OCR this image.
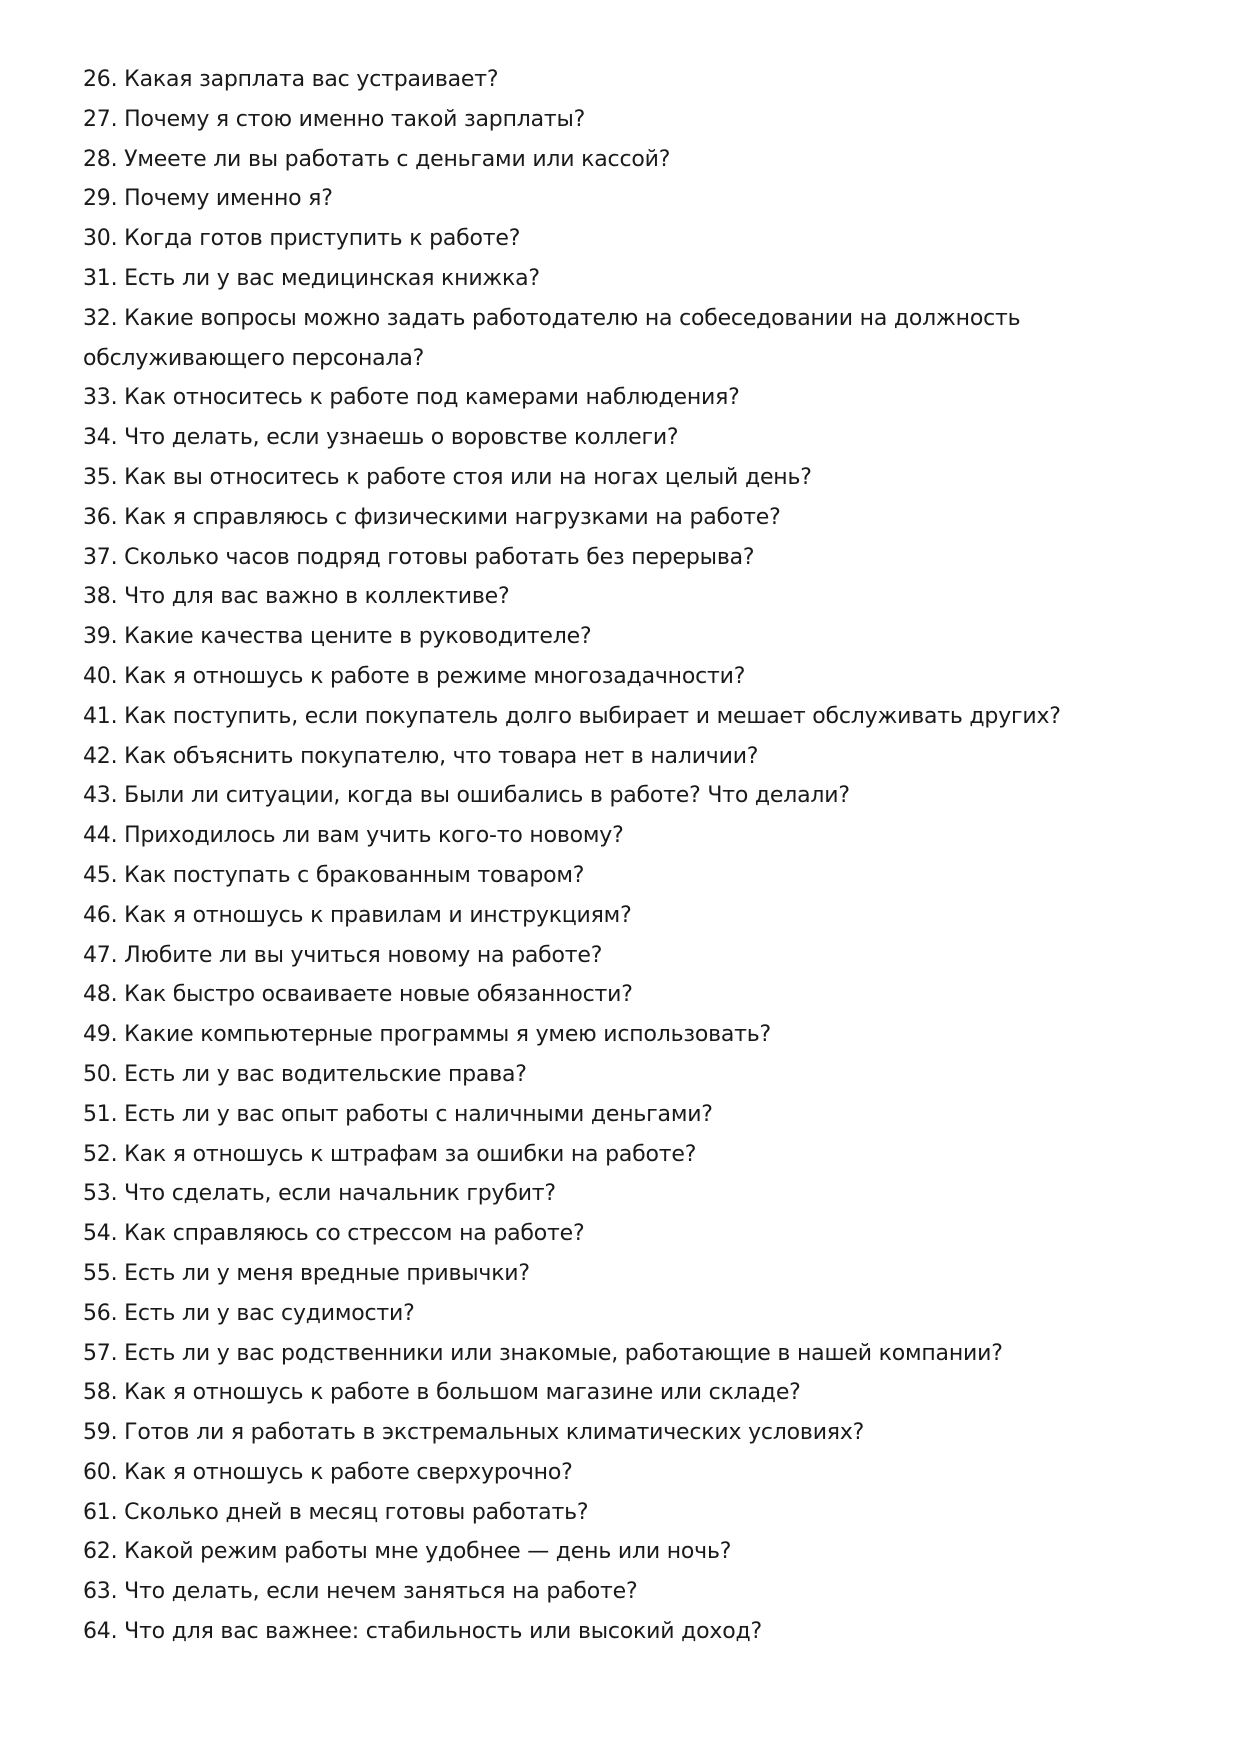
26. Какая зарплата вас устраивает?
27. Почему я стою именно такой зарплаты?
28. Умеете ли вы работать с деньгами или кассой?
29. Почему именно я?
30. Когда готов приступить к работе?
31. Есть ли у вас медицинская книжка?
32. Какие вопросы можно задать работодателю на собеседовании на должность обслуживающего персонала?
33. Как относитесь к работе под камерами наблюдения?
34. Что делать, если узнаешь о воровстве коллеги?
35. Как вы относитесь к работе стоя или на ногах целый день?
36. Как я справляюсь с физическими нагрузками на работе?
37. Сколько часов подряд готовы работать без перерыва?
38. Что для вас важно в коллективе?
39. Какие качества цените в руководителе?
40. Как я отношусь к работе в режиме многозадачности?
41. Как поступить, если покупатель долго выбирает и мешает обслуживать других?
42. Как объяснить покупателю, что товара нет в наличии?
43. Были ли ситуации, когда вы ошибались в работе? Что делали?
44. Приходилось ли вам учить кого-то новому?
45. Как поступать с бракованным товаром?
46. Как я отношусь к правилам и инструкциям?
47. Любите ли вы учиться новому на работе?
48. Как быстро осваиваете новые обязанности?
49. Какие компьютерные программы я умею использовать?
50. Есть ли у вас водительские права?
51. Есть ли у вас опыт работы с наличными деньгами?
52. Как я отношусь к штрафам за ошибки на работе?
53. Что сделать, если начальник грубит?
54. Как справляюсь со стрессом на работе?
55. Есть ли у меня вредные привычки?
56. Есть ли у вас судимости?
57. Есть ли у вас родственники или знакомые, работающие в нашей компании?
58. Как я отношусь к работе в большом магазине или складе?
59. Готов ли я работать в экстремальных климатических условиях?
60. Как я отношусь к работе сверхурочно?
61. Сколько дней в месяц готовы работать?
62. Какой режим работы мне удобнее — день или ночь?
63. Что делать, если нечем заняться на работе?
64. Что для вас важнее: стабильность или высокий доход?
